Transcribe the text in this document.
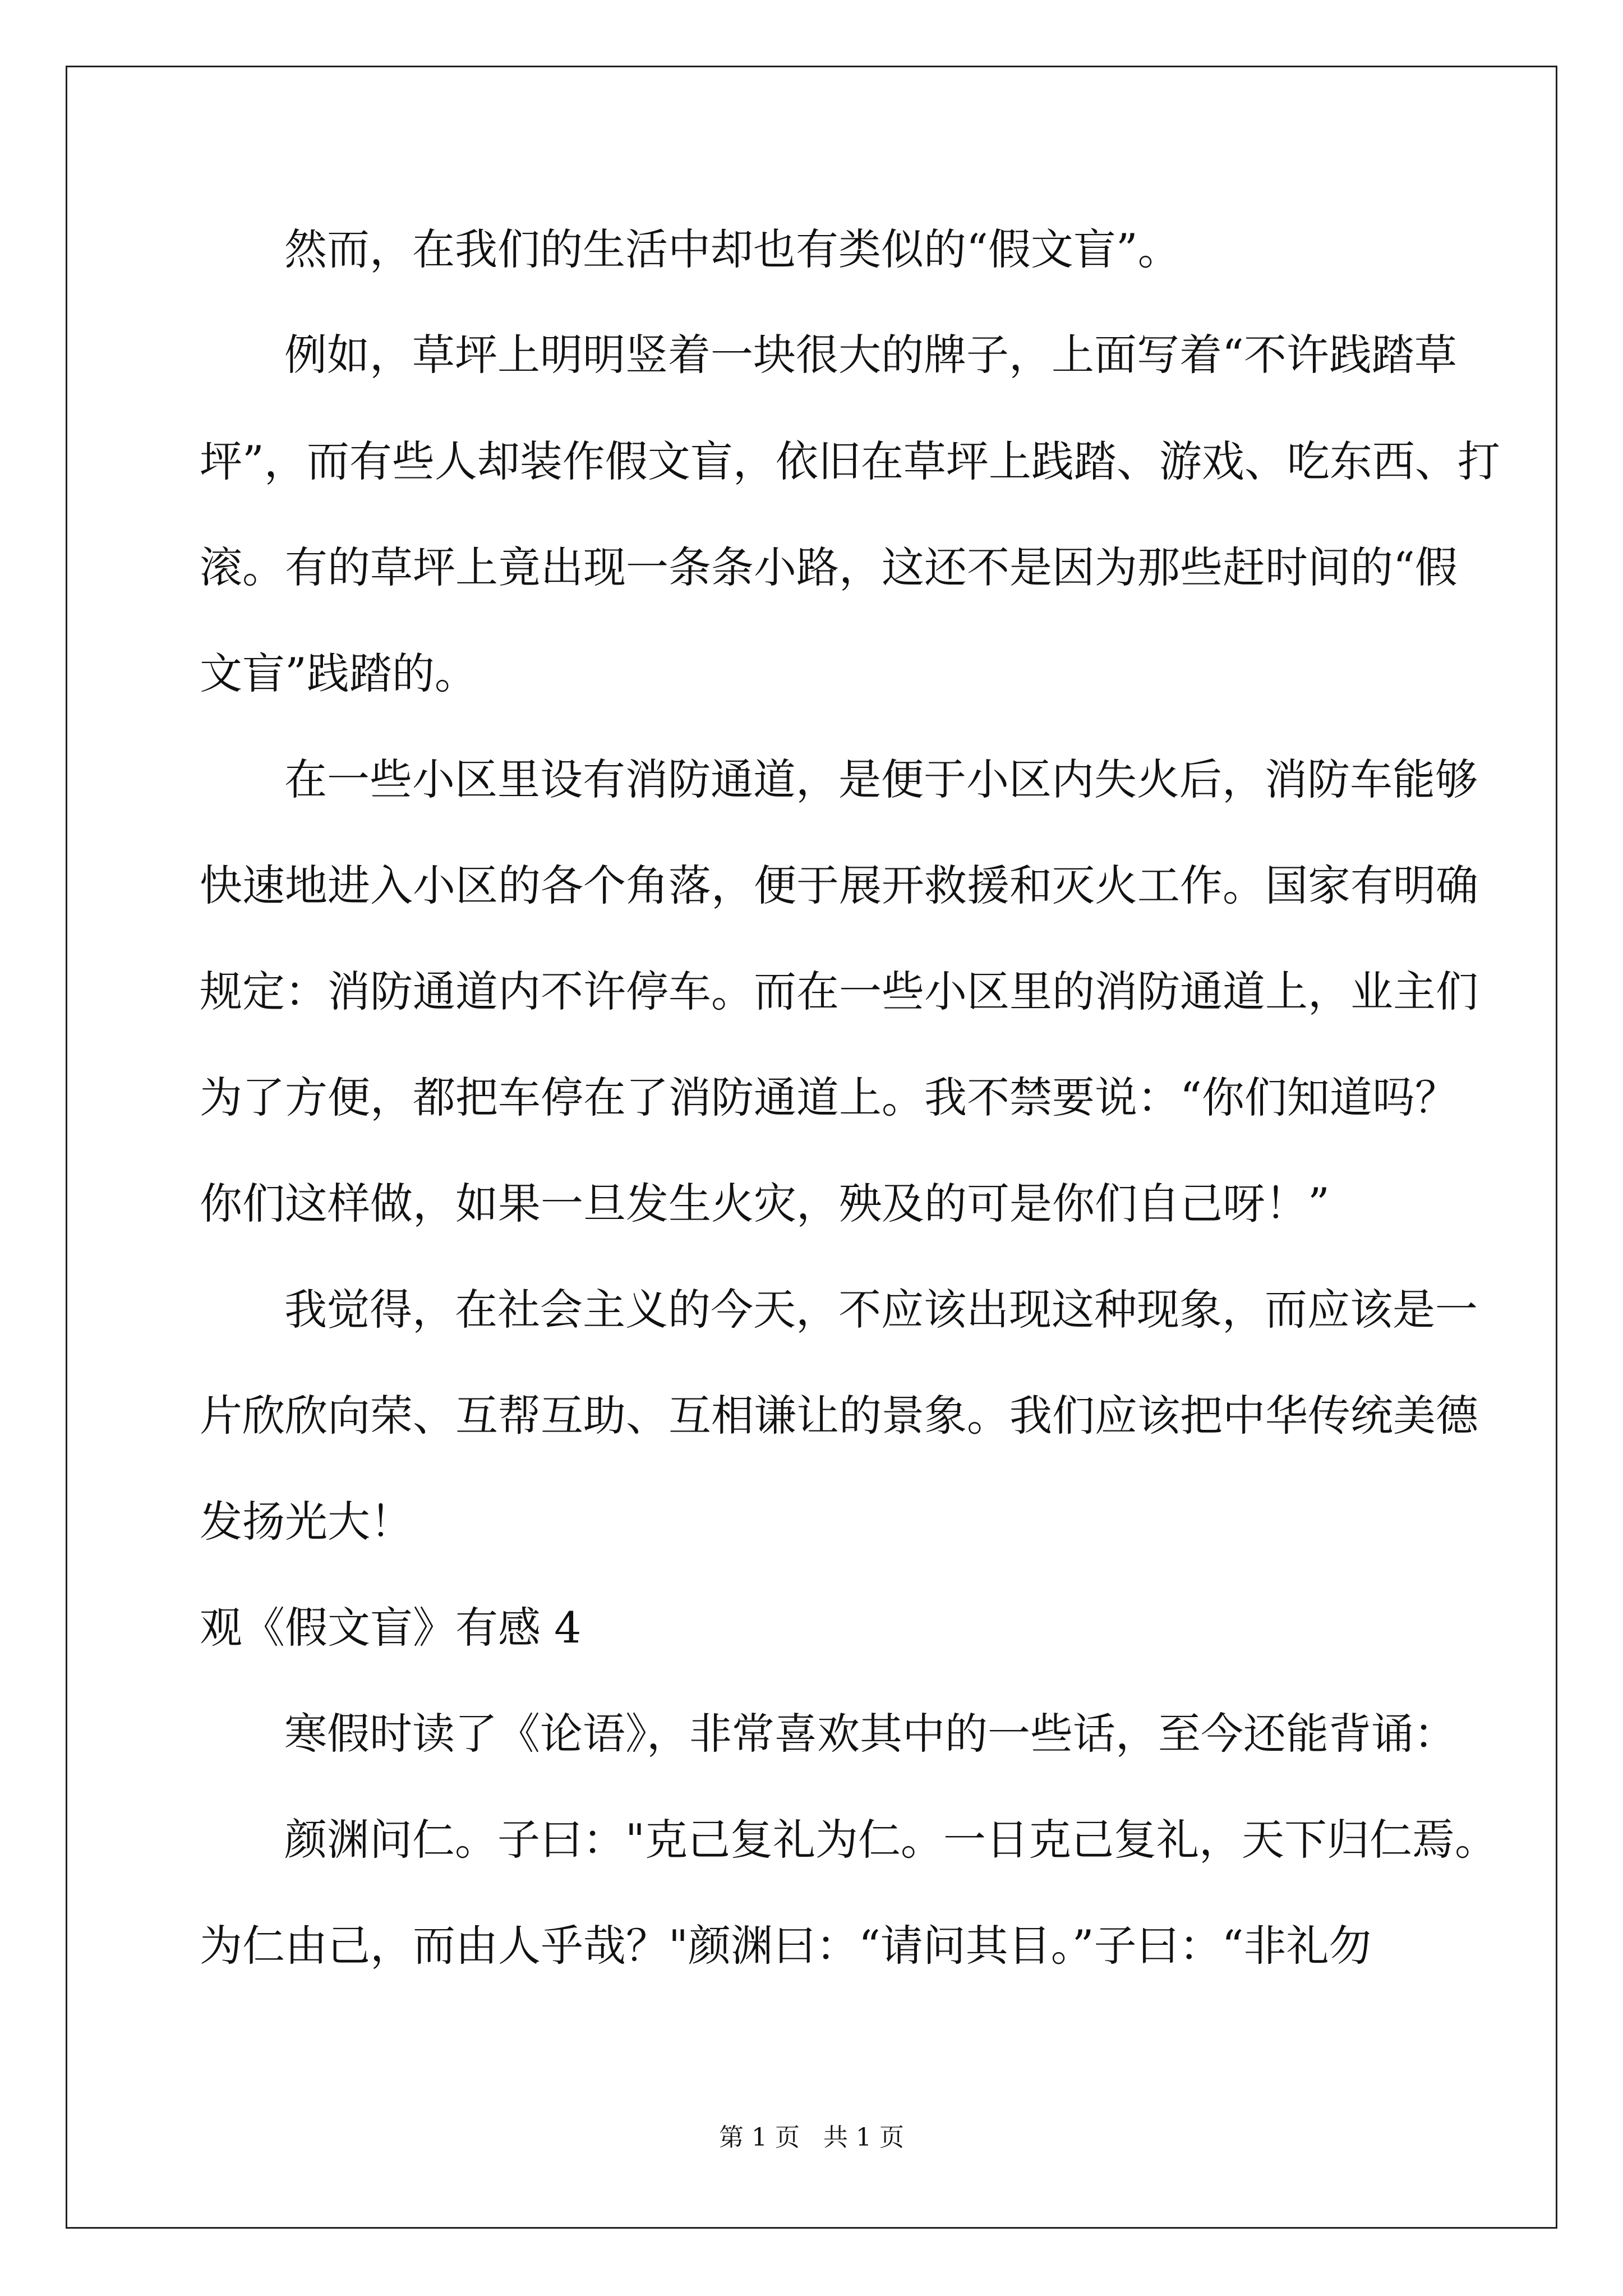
然而，在我们的生活中却也有类似的“假文盲”。

例如，草坪上明明竖着一块很大的牌子，上面写着“不许践踏草

坪”，而有些人却装作假文盲，依旧在草坪上践踏、游戏、吃东西、打

滚。有的草坪上竟出现一条条小路，这还不是因为那些赶时间的“假

文盲”践踏的。

在一些小区里设有消防通道，是便于小区内失火后，消防车能够

快速地进入小区的各个角落，便于展开救援和灭火工作。国家有明确

规定：消防通道内不许停车。而在一些小区里的消防通道上，业主们

为了方便，都把车停在了消防通道上。我不禁要说：“你们知道吗？

你们这样做，如果一旦发生火灾，殃及的可是你们自己呀！”

我觉得，在社会主义的今天，不应该出现这种现象，而应该是一

片欣欣向荣、互帮互助、互相谦让的景象。我们应该把中华传统美德

发扬光大！

观《假文盲》有感 4

寒假时读了《论语》，非常喜欢其中的一些话，至今还能背诵：

颜渊问仁。子曰："克己复礼为仁。一日克己复礼，天下归仁焉。

为仁由己，而由人乎哉？"颜渊曰：“请问其目。”子曰：“非礼勿

第 1 页   共 1 页
